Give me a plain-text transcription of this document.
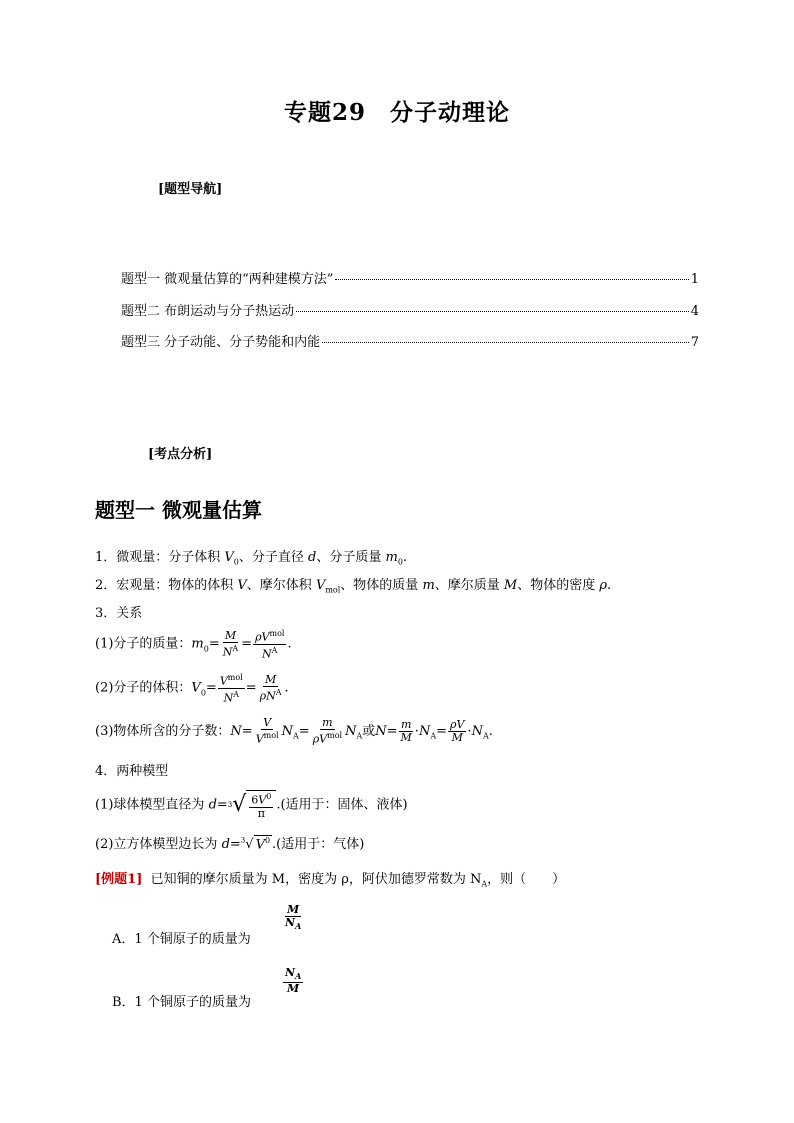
专题29　分子动理论
[题型导航]
题型一 微观量估算的“两种建模方法”	1
题型二 布朗运动与分子热运动	4
题型三 分子动能、分子势能和内能	7
[考点分析]
题型一 微观量估算
1．微观量：分子体积 $V_0$、分子直径 d、分子质量 $m_0$.
2．宏观量：物体的体积 V、摩尔体积 $V_{mol}$、物体的质量 m、摩尔质量 M、物体的密度 ρ.
3．关系
(1)分子的质量：$m_0= \frac{M}{N^A} = \frac{\rho V^{mol}}{N^A}$ .
(2)分子的体积：$V_0= \frac{V^{mol}}{N^A} = \frac{M}{\rho N^A}$ .
(3)物体所含的分子数：$N= \frac{V}{V^{mol}} N_A= \frac{m}{\rho V^{mol}} N_A$或$N= \frac{m}{M} \cdot N_A= \frac{\rho V}{M} \cdot N_A$.
4．两种模型
(1)球体模型直径为 d= 3 √ $\frac{6V^0}{\pi}$ .(适用于：固体、液体)
(2)立方体模型边长为 d=$^3$√ $V^0$ .(适用于：气体)
[例题1] 已知铜的摩尔质量为 M，密度为 ρ，阿伏加德罗常数为 $N_A$，则（　　）
A．1 个铜原子的质量为
$\frac{M}{N_A}$
B．1 个铜原子的质量为
$\frac{N_A}{M}$
